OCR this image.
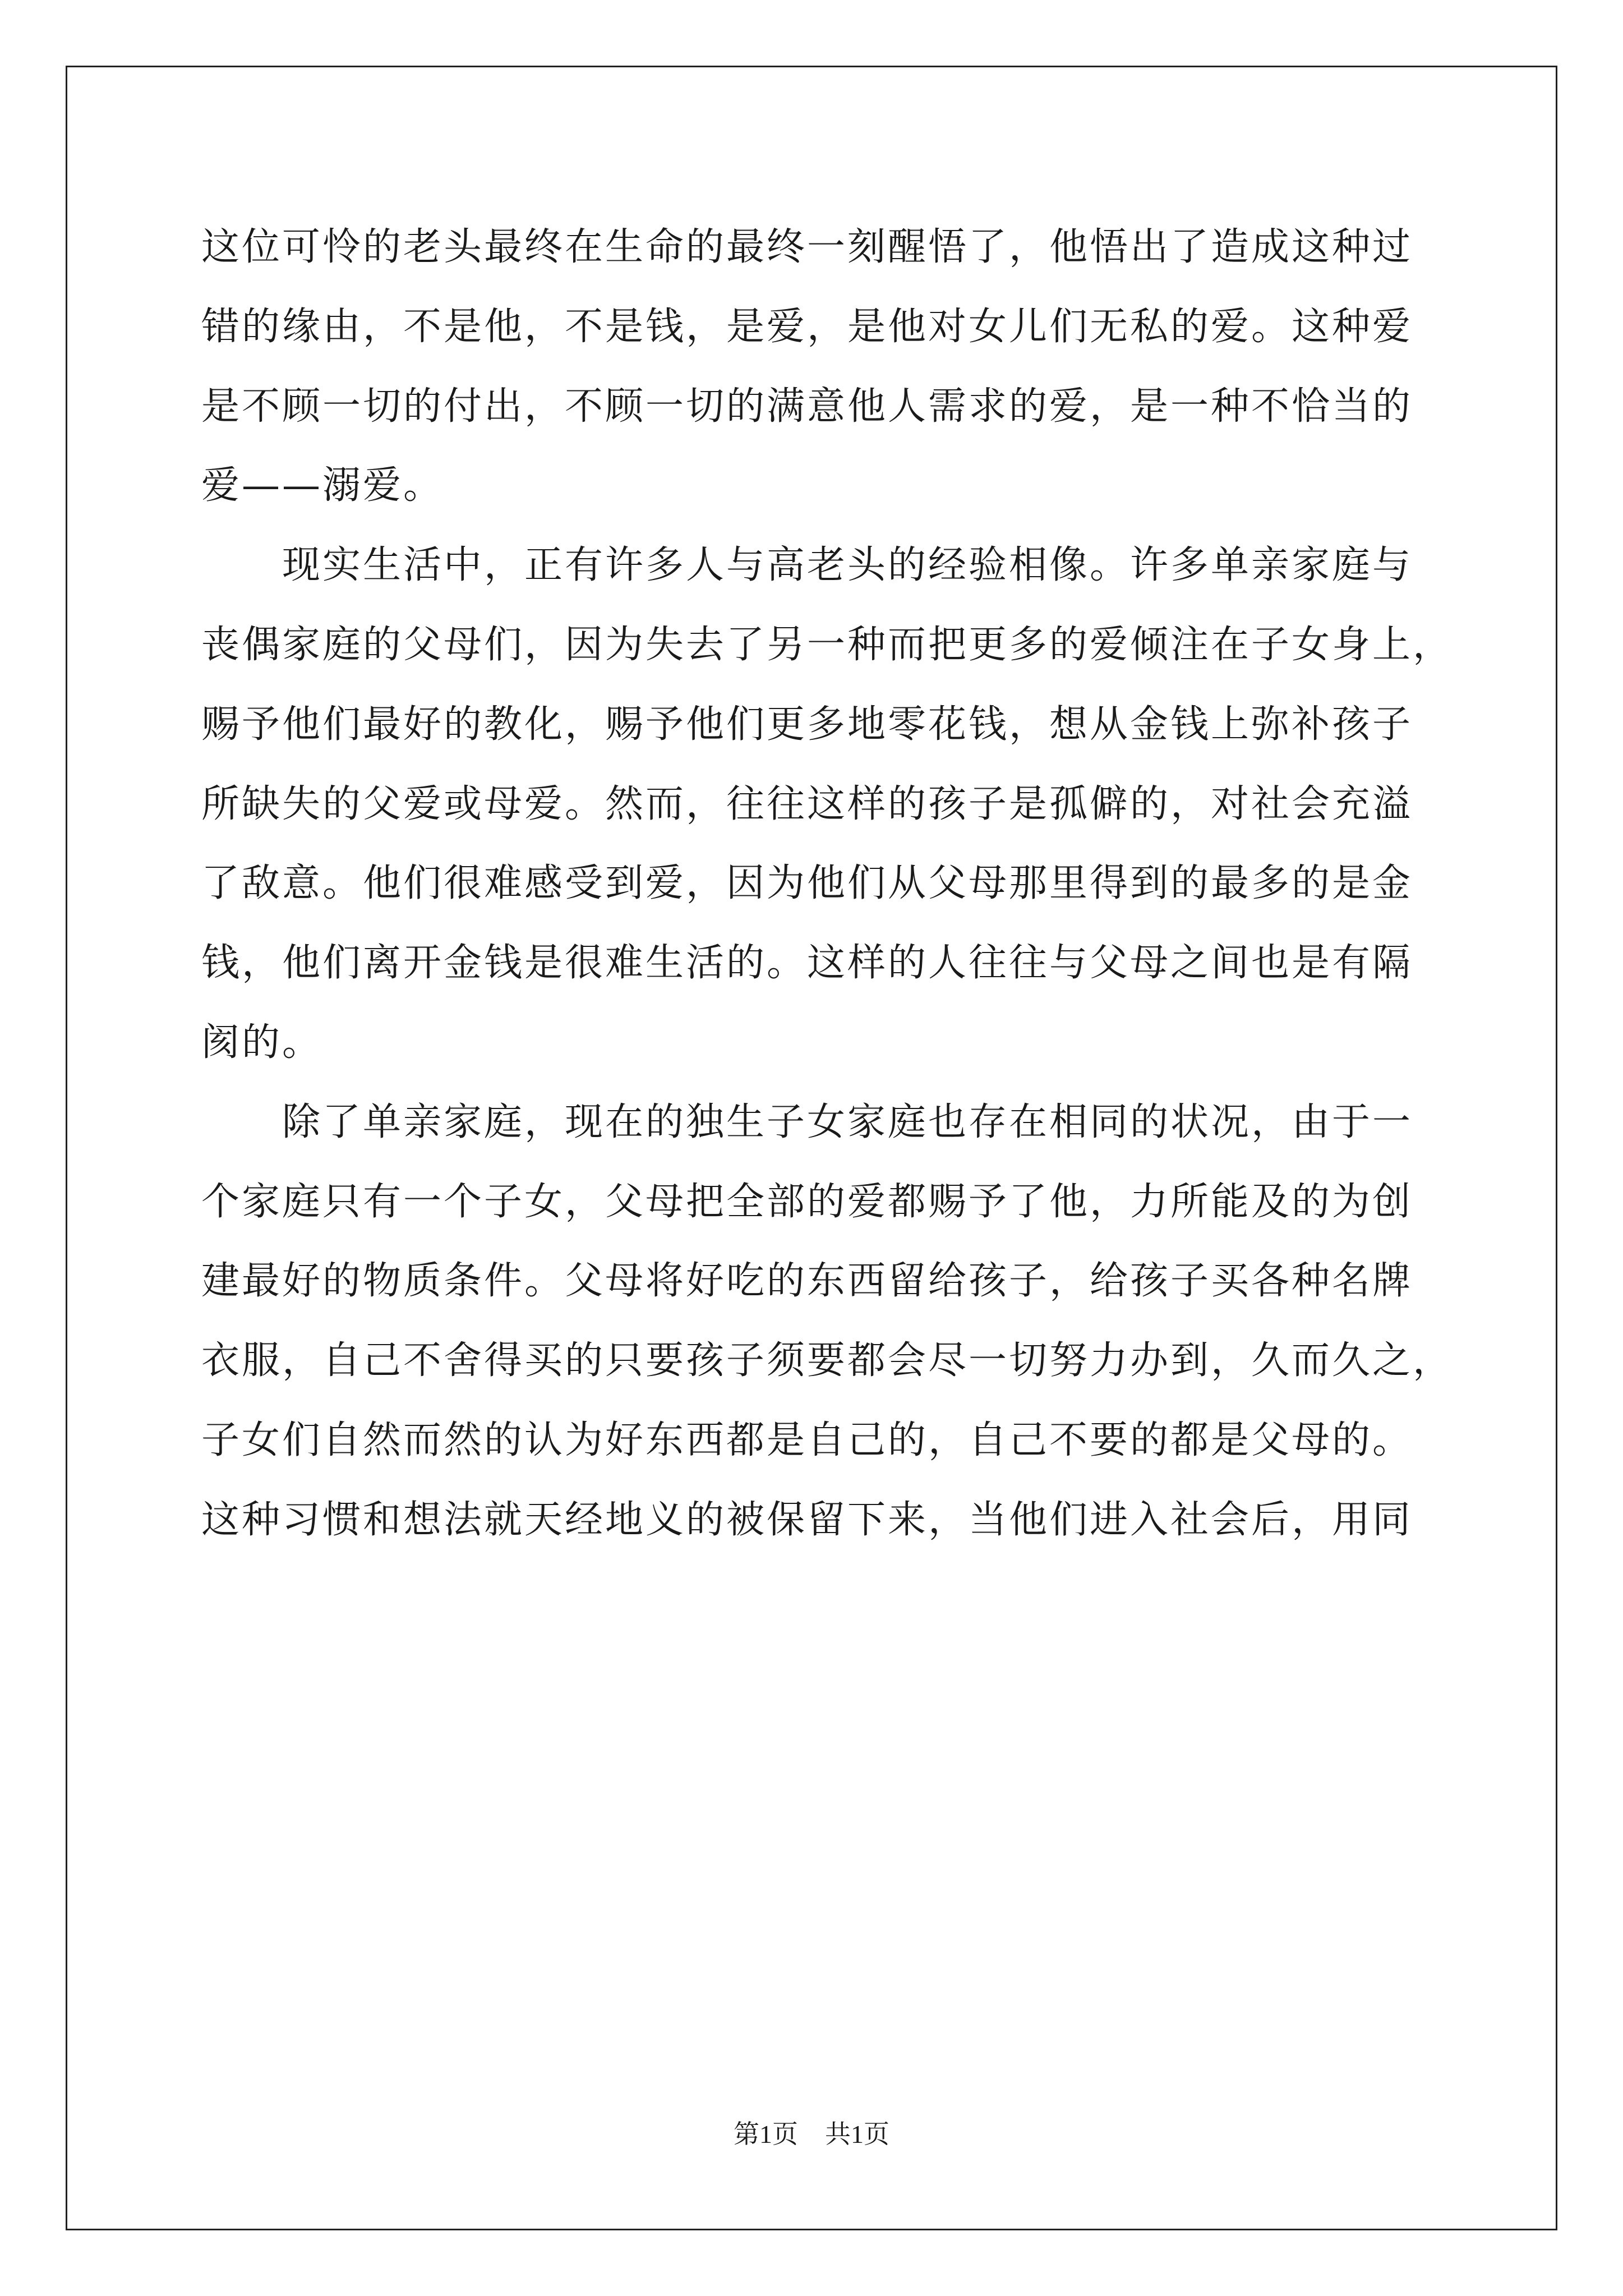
这位可怜的老头最终在生命的最终一刻醒悟了，他悟出了造成这种过
错的缘由，不是他，不是钱，是爱，是他对女儿们无私的爱。这种爱
是不顾一切的付出，不顾一切的满意他人需求的爱，是一种不恰当的
爱——溺爱。
　　现实生活中，正有许多人与高老头的经验相像。许多单亲家庭与
丧偶家庭的父母们，因为失去了另一种而把更多的爱倾注在子女身上，
赐予他们最好的教化，赐予他们更多地零花钱，想从金钱上弥补孩子
所缺失的父爱或母爱。然而，往往这样的孩子是孤僻的，对社会充溢
了敌意。他们很难感受到爱，因为他们从父母那里得到的最多的是金
钱，他们离开金钱是很难生活的。这样的人往往与父母之间也是有隔
阂的。
　　除了单亲家庭，现在的独生子女家庭也存在相同的状况，由于一
个家庭只有一个子女，父母把全部的爱都赐予了他，力所能及的为创
建最好的物质条件。父母将好吃的东西留给孩子，给孩子买各种名牌
衣服，自己不舍得买的只要孩子须要都会尽一切努力办到，久而久之，
子女们自然而然的认为好东西都是自己的，自己不要的都是父母的。
这种习惯和想法就天经地义的被保留下来，当他们进入社会后，用同
第1页 共1页
